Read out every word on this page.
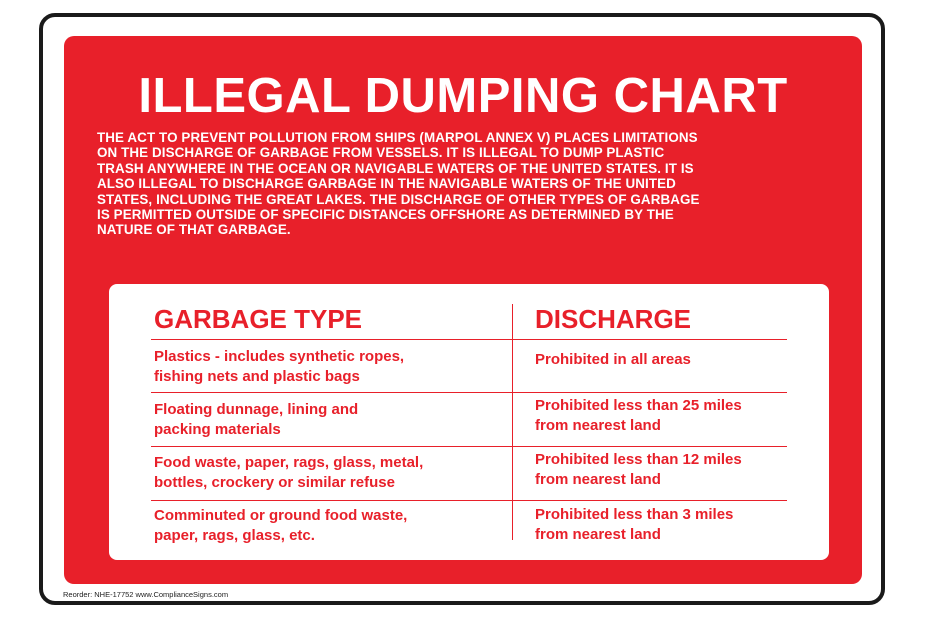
ILLEGAL DUMPING CHART
THE ACT TO PREVENT POLLUTION FROM SHIPS (MARPOL ANNEX V) PLACES LIMITATIONS
ON THE DISCHARGE OF GARBAGE FROM VESSELS. IT IS ILLEGAL TO DUMP PLASTIC
TRASH ANYWHERE IN THE OCEAN OR NAVIGABLE WATERS OF THE UNITED STATES. IT IS
ALSO ILLEGAL TO DISCHARGE GARBAGE IN THE NAVIGABLE WATERS OF THE UNITED
STATES, INCLUDING THE GREAT LAKES. THE DISCHARGE OF OTHER TYPES OF GARBAGE
IS PERMITTED OUTSIDE OF SPECIFIC DISTANCES OFFSHORE AS DETERMINED BY THE
NATURE OF THAT GARBAGE.
GARBAGE TYPE	DISCHARGE
Plastics - includes synthetic ropes,
fishing nets and plastic bags
Prohibited in all areas
Floating dunnage, lining and
packing materials
Prohibited less than 25 miles
from nearest land
Food waste, paper, rags, glass, metal,
bottles, crockery or similar refuse
Prohibited less than 12 miles
from nearest land
Comminuted or ground food waste,
paper, rags, glass, etc.
Prohibited less than 3 miles
from nearest land
Reorder: NHE-17752 www.ComplianceSigns.com
